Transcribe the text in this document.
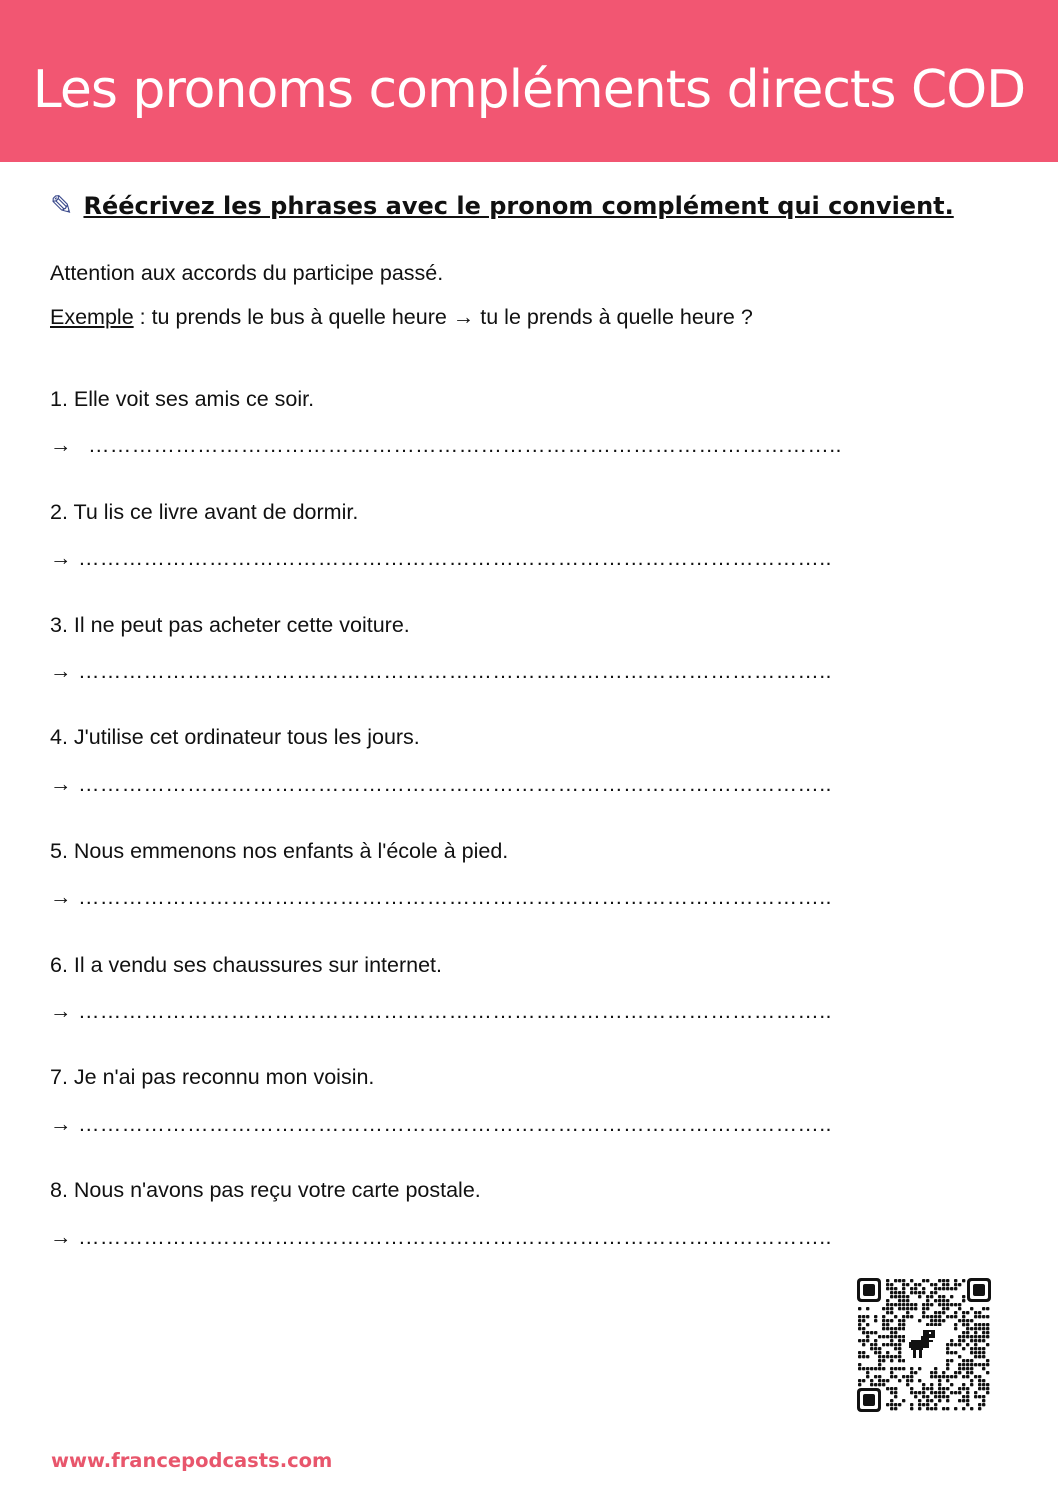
Les pronoms compléments directs COD
✎ Réécrivez les phrases avec le pronom complément qui convient.
Attention aux accords du participe passé.
Exemple : tu prends le bus à quelle heure → tu le prends à quelle heure ?
1. Elle voit ses amis ce soir.
→ …………………………………………………………………………………………..
2. Tu lis ce livre avant de dormir.
→ …………………………………………………………………………………………..
3. Il ne peut pas acheter cette voiture.
→ …………………………………………………………………………………………..
4. J'utilise cet ordinateur tous les jours.
→ …………………………………………………………………………………………..
5. Nous emmenons nos enfants à l'école à pied.
→ …………………………………………………………………………………………..
6. Il a vendu ses chaussures sur internet.
→ …………………………………………………………………………………………..
7. Je n'ai pas reconnu mon voisin.
→ …………………………………………………………………………………………..
8. Nous n'avons pas reçu votre carte postale.
→ …………………………………………………………………………………………..
www.francepodcasts.com
